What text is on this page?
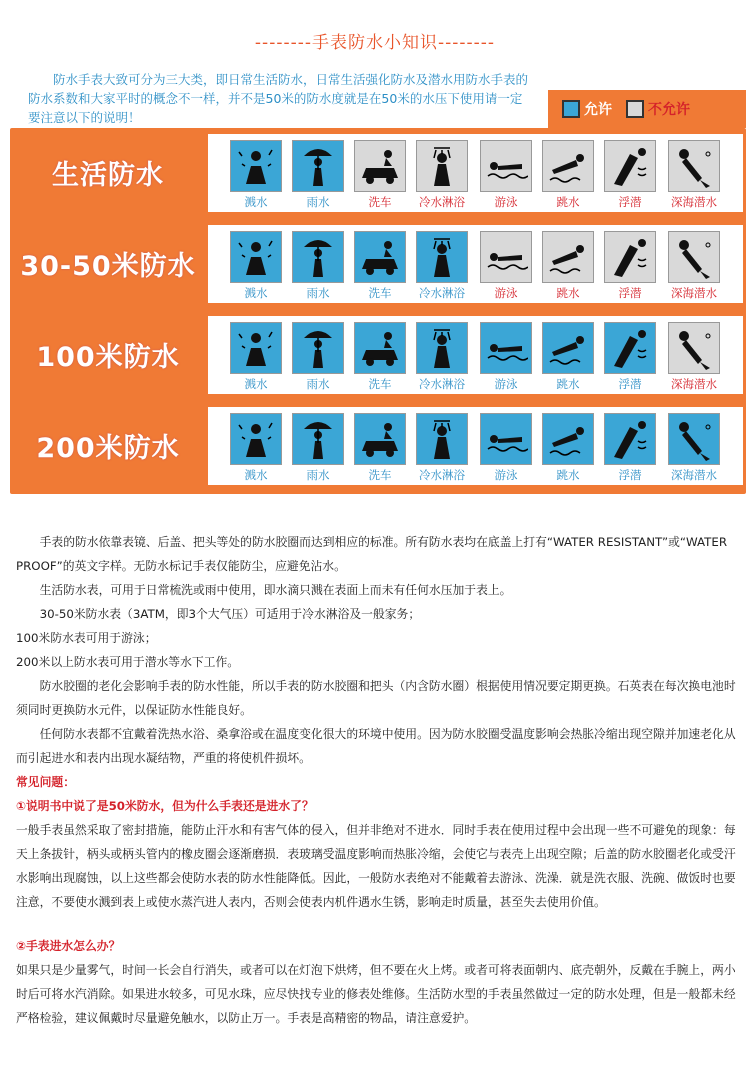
--------手表防水小知识--------

防水手表大致可分为三大类，即日常生活防水，日常生活强化防水及潜水用防水手表的防水系数和大家平时的概念不一样，并不是50米的防水度就是在50米的水压下使用请一定要注意以下的说明！	允许	不允许
生活防水
溅水	雨水	洗车	冷水淋浴	游泳	跳水	浮潜	深海潜水
30-50米防水
溅水	雨水	洗车	冷水淋浴	游泳	跳水	浮潜	深海潜水
100米防水
溅水	雨水	洗车	冷水淋浴	游泳	跳水	浮潜	深海潜水
200米防水
溅水	雨水	洗车	冷水淋浴	游泳	跳水	浮潜	深海潜水

手表的防水依靠表镜、后盖、把头等处的防水胶圈而达到相应的标准。所有防水表均在底盖上打有“WATER RESISTANT”或“WATER PROOF”的英文字样。无防水标记手表仅能防尘，应避免沾水。

生活防水表，可用于日常梳洗或雨中使用，即水滴只溅在表面上而未有任何水压加于表上。

30-50米防水表（3ATM，即3个大气压）可适用于冷水淋浴及一般家务；

100米防水表可用于游泳；

200米以上防水表可用于潜水等水下工作。

防水胶圈的老化会影响手表的防水性能，所以手表的防水胶圈和把头（内含防水圈）根据使用情况要定期更换。石英表在每次换电池时须同时更换防水元件，以保证防水性能良好。

任何防水表都不宜戴着洗热水浴、桑拿浴或在温度变化很大的环境中使用。因为防水胶圈受温度影响会热胀冷缩出现空隙并加速老化从而引起进水和表内出现水凝结物，严重的将使机件损坏。

常见问题：

①说明书中说了是50米防水，但为什么手表还是进水了？

一般手表虽然采取了密封措施，能防止汗水和有害气体的侵入，但并非绝对不进水．同时手表在使用过程中会出现一些不可避免的现象：每天上条拔针，柄头或柄头管内的橡皮圈会逐渐磨损．表玻璃受温度影响而热胀冷缩，会使它与表壳上出现空隙；后盖的防水胶圈老化或受汗水影响出现腐蚀，以上这些都会使防水表的防水性能降低。因此，一般防水表绝对不能戴着去游泳、洗澡．就是洗衣服、洗碗、做饭时也要注意，不要使水溅到表上或使水蒸汽进人表内，否则会使表内机件遇水生锈，影响走时质量，甚至失去使用价值。

②手表进水怎么办？

如果只是少量雾气，时间一长会自行消失，或者可以在灯泡下烘烤，但不要在火上烤。或者可将表面朝内、底壳朝外，反戴在手腕上，两小时后可将水汽消除。如果进水较多，可见水珠，应尽快找专业的修表处维修。生活防水型的手表虽然做过一定的防水处理，但是一般都未经严格检验，建议佩戴时尽量避免触水，以防止万一。手表是高精密的物品，请注意爱护。
